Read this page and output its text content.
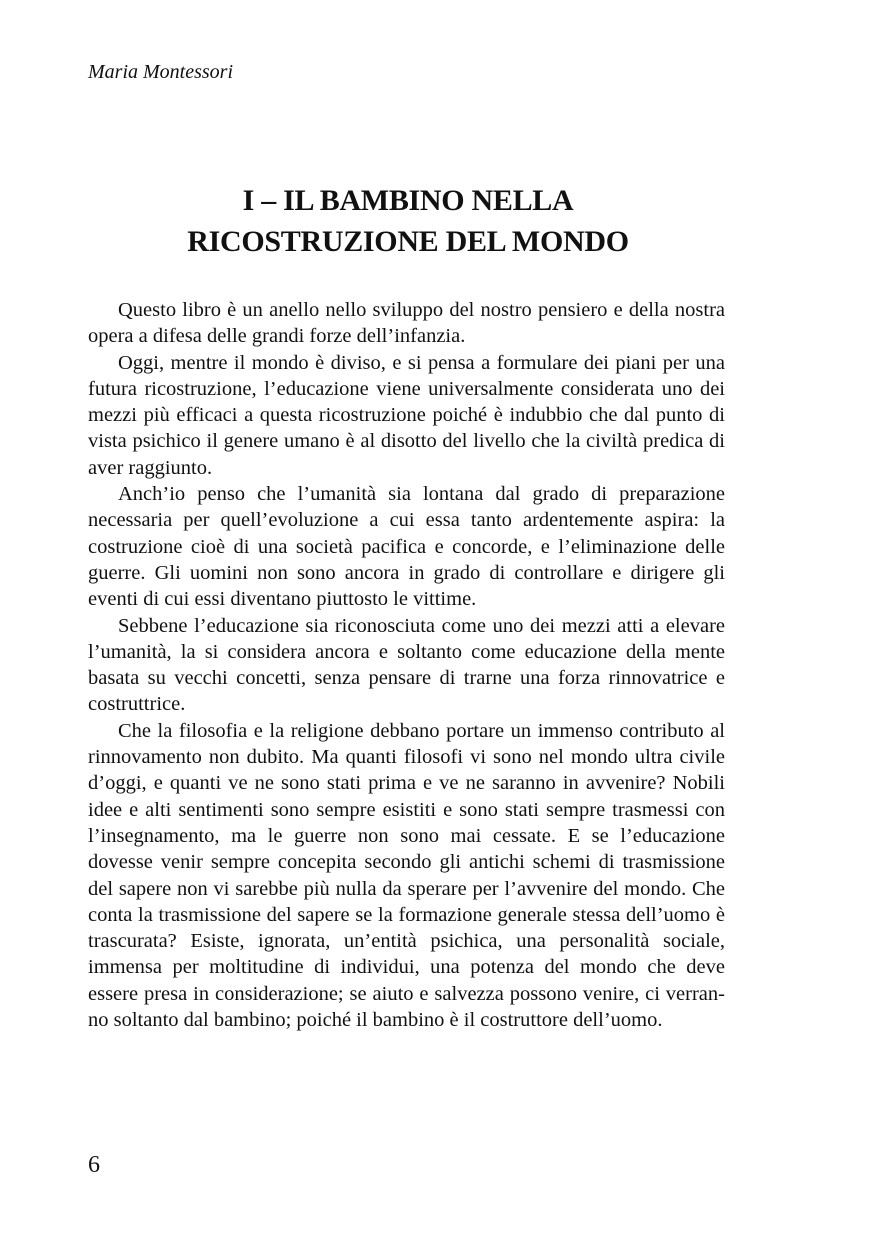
Maria Montessori

I – IL BAMBINO NELLA
RICOSTRUZIONE DEL MONDO

Questo libro è un anello nello sviluppo del nostro pensiero e della nostra opera a difesa delle grandi forze dell’infanzia.

Oggi, mentre il mondo è diviso, e si pensa a formulare dei piani per una futura ricostruzione, l’educazione viene universalmente considerata uno dei mezzi più efficaci a questa ricostruzione poiché è indubbio che dal punto di vista psichico il genere umano è al disotto del livello che la civiltà predica di aver raggiunto.

Anch’io penso che l’umanità sia lontana dal grado di preparazione necessaria per quell’evoluzione a cui essa tanto ardentemente aspira: la costruzione cioè di una società pacifica e concorde, e l’eliminazione delle guerre. Gli uomini non sono ancora in grado di controllare e dirigere gli eventi di cui essi diventano piuttosto le vittime.

Sebbene l’educazione sia riconosciuta come uno dei mezzi atti a elevare l’umanità, la si considera ancora e soltanto come educazione della mente basata su vecchi concetti, senza pensare di trarne una forza rinnovatrice e costruttrice.

Che la filosofia e la religione debbano portare un immenso contributo al rinnovamento non dubito. Ma quanti filosofi vi sono nel mondo ultra civile d’oggi, e quanti ve ne sono stati prima e ve ne saranno in avvenire? Nobili idee e alti sentimenti sono sempre esistiti e sono stati sempre trasmessi con l’insegnamento, ma le guerre non sono mai cessate. E se l’educazione dovesse venir sempre concepita secondo gli antichi schemi di trasmissione del sapere non vi sarebbe più nulla da sperare per l’avvenire del mondo. Che conta la trasmissione del sapere se la formazione generale stessa dell’uomo è trascurata? Esiste, ignorata, un’entità psichica, una personalità sociale, immensa per moltitudine di individui, una potenza del mondo che deve essere presa in considerazione; se aiuto e salvezza possono venire, ci verranno soltanto dal bambino; poiché il bambino è il costruttore dell’uomo.

6
